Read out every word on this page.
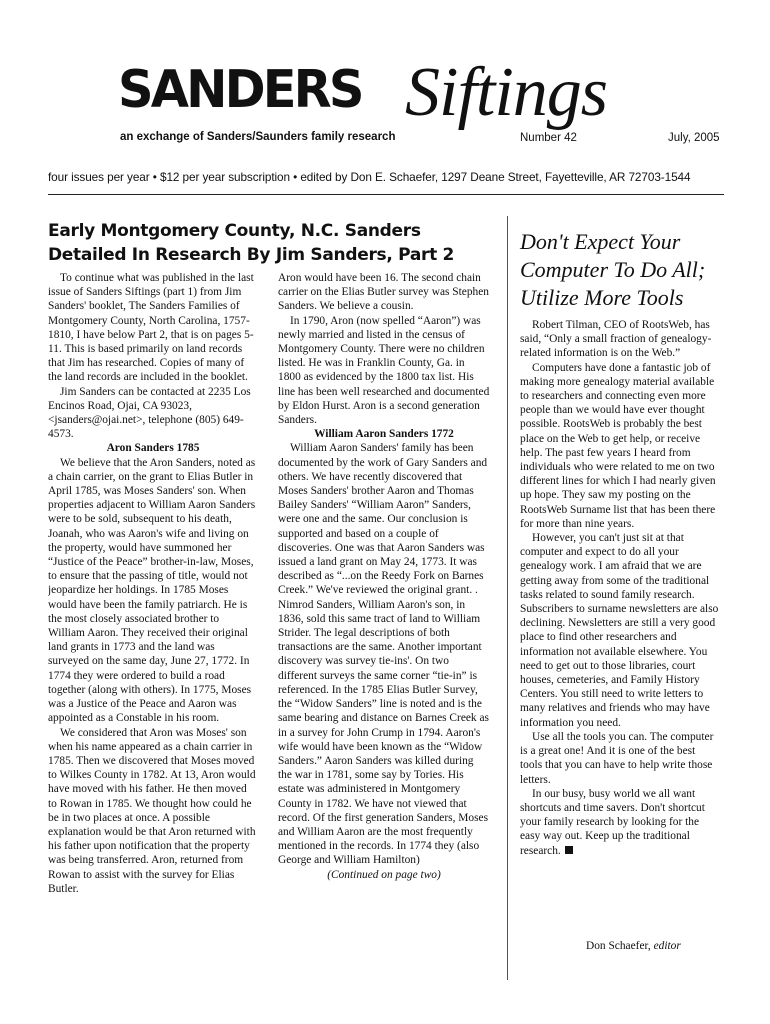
SANDERS Siftings
an exchange of Sanders/Saunders family research	Number 42	July, 2005
four issues per year • $12 per year subscription • edited by Don E. Schaefer, 1297 Deane Street, Fayetteville, AR 72703-1544
Early Montgomery County, N.C. Sanders Detailed In Research By Jim Sanders, Part 2

To continue what was published in the last issue of Sanders Siftings (part 1) from Jim Sanders' booklet, The Sanders Families of Montgomery County, North Carolina, 1757-1810, I have below Part 2, that is on pages 5-11. This is based primarily on land records that Jim has researched. Copies of many of the land records are included in the booklet.

Jim Sanders can be contacted at 2235 Los Encinos Road, Ojai, CA 93023, <jsanders@ojai.net>, telephone (805) 649-4573.

Aron Sanders 1785

We believe that the Aron Sanders, noted as a chain carrier, on the grant to Elias Butler in April 1785, was Moses Sanders' son. When properties adjacent to William Aaron Sanders were to be sold, subsequent to his death, Joanah, who was Aaron's wife and living on the property, would have summoned her “Justice of the Peace” brother-in-law, Moses, to ensure that the passing of title, would not jeopardize her holdings. In 1785 Moses would have been the family patriarch. He is the most closely associated brother to William Aaron. They received their original land grants in 1773 and the land was surveyed on the same day, June 27, 1772. In 1774 they were ordered to build a road together (along with others). In 1775, Moses was a Justice of the Peace and Aaron was appointed as a Constable in his room.

We considered that Aron was Moses' son when his name appeared as a chain carrier in 1785. Then we discovered that Moses moved to Wilkes County in 1782. At 13, Aron would have moved with his father. He then moved to Rowan in 1785. We thought how could he be in two places at once. A possible explanation would be that Aron returned with his father upon notification that the property was being transferred. Aron, returned from Rowan to assist with the survey for Elias Butler.

Aron would have been 16. The second chain carrier on the Elias Butler survey was Stephen Sanders. We believe a cousin.

In 1790, Aron (now spelled “Aaron”) was newly married and listed in the census of Montgomery County. There were no children listed. He was in Franklin County, Ga. in 1800 as evidenced by the 1800 tax list. His line has been well researched and documented by Eldon Hurst. Aron is a second generation Sanders.

William Aaron Sanders 1772

William Aaron Sanders' family has been documented by the work of Gary Sanders and others. We have recently discovered that Moses Sanders' brother Aaron and Thomas Bailey Sanders' “William Aaron” Sanders, were one and the same. Our conclusion is supported and based on a couple of discoveries. One was that Aaron Sanders was issued a land grant on May 24, 1773. It was described as “...on the Reedy Fork on Barnes Creek.” We've reviewed the original grant. . Nimrod Sanders, William Aaron's son, in 1836, sold this same tract of land to William Strider. The legal descriptions of both transactions are the same. Another important discovery was survey tie-ins'. On two different surveys the same corner “tie-in” is referenced. In the 1785 Elias Butler Survey, the “Widow Sanders” line is noted and is the same bearing and distance on Barnes Creek as in a survey for John Crump in 1794. Aaron's wife would have been known as the “Widow Sanders.” Aaron Sanders was killed during the war in 1781, some say by Tories. His estate was administered in Montgomery County in 1782. We have not viewed that record. Of the first generation Sanders, Moses and William Aaron are the most frequently mentioned in the records. In 1774 they (also George and William Hamilton)

(Continued on page two)

Don't Expect Your Computer To Do All; Utilize More Tools

Robert Tilman, CEO of RootsWeb, has said, “Only a small fraction of genealogy-related information is on the Web.”

Computers have done a fantastic job of making more genealogy material available to researchers and connecting even more people than we would have ever thought possible. RootsWeb is probably the best place on the Web to get help, or receive help. The past few years I heard from individuals who were related to me on two different lines for which I had nearly given up hope. They saw my posting on the RootsWeb Surname list that has been there for more than nine years.

However, you can't just sit at that computer and expect to do all your genealogy work. I am afraid that we are getting away from some of the traditional tasks related to sound family research. Subscribers to surname newsletters are also declining. Newsletters are still a very good place to find other researchers and information not available elsewhere. You need to get out to those libraries, court houses, cemeteries, and Family History Centers. You still need to write letters to many relatives and friends who may have information you need.

Use all the tools you can. The computer is a great one! And it is one of the best tools that you can have to help write those letters.

In our busy, busy world we all want shortcuts and time savers. Don't shortcut your family research by looking for the easy way out. Keep up the traditional research.

Don Schaefer, editor
